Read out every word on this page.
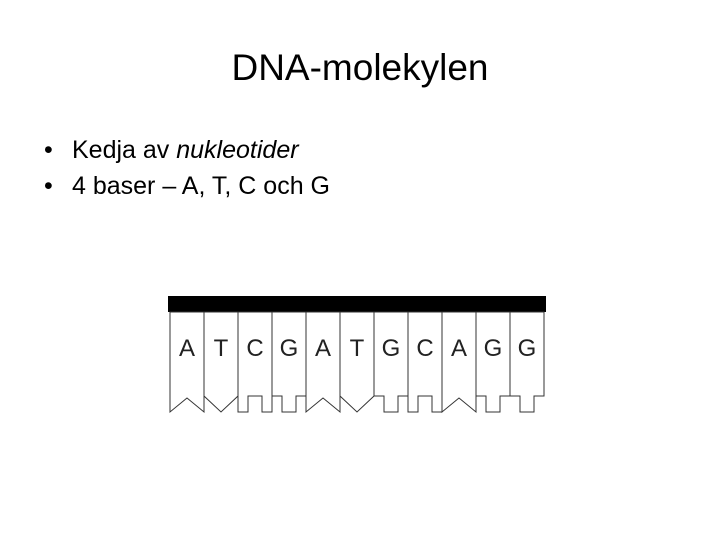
DNA-molekylen
•
Kedja av nukleotider
•
4 baser – A, T, C och G
A T C G A T G C A G G
